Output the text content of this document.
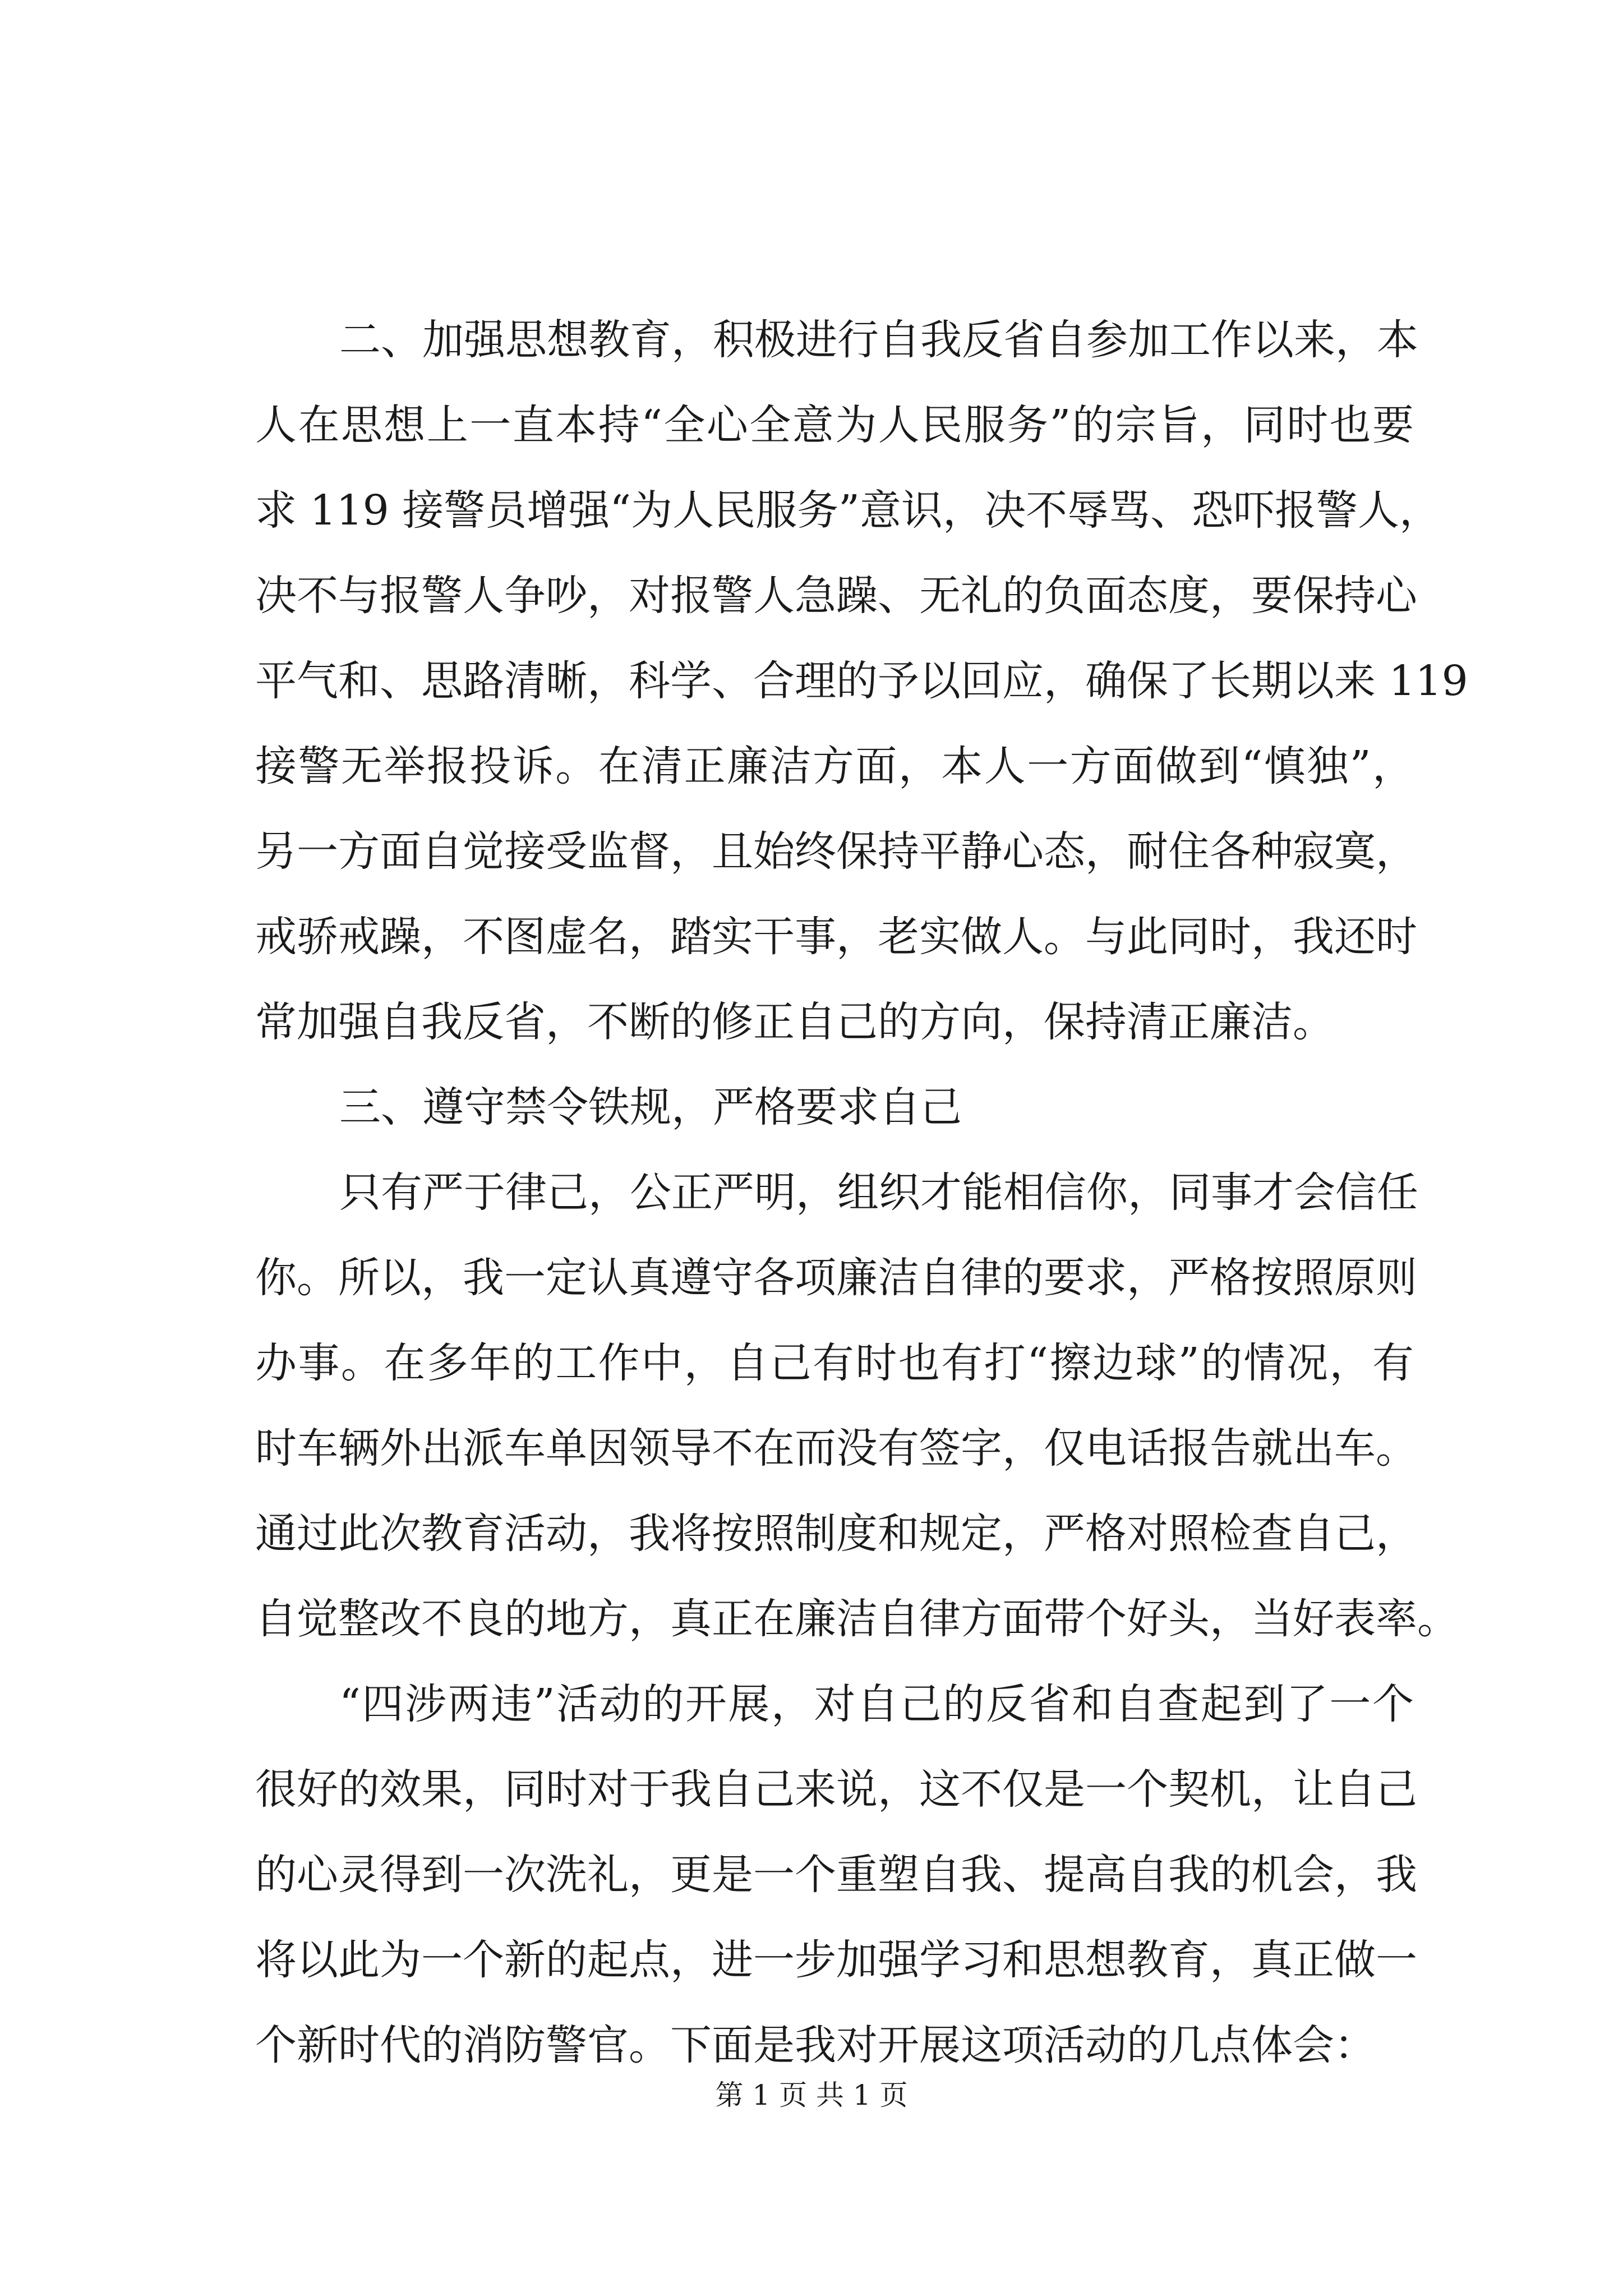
二、加强思想教育，积极进行自我反省自参加工作以来，本
人在思想上一直本持“全心全意为人民服务”的宗旨，同时也要
求 119 接警员增强“为人民服务”意识，决不辱骂、恐吓报警人，
决不与报警人争吵，对报警人急躁、无礼的负面态度，要保持心
平气和、思路清晰，科学、合理的予以回应，确保了长期以来 119
接警无举报投诉。在清正廉洁方面，本人一方面做到“慎独”，
另一方面自觉接受监督，且始终保持平静心态，耐住各种寂寞，
戒骄戒躁，不图虚名，踏实干事，老实做人。与此同时，我还时
常加强自我反省，不断的修正自己的方向，保持清正廉洁。
三、遵守禁令铁规，严格要求自己
只有严于律己，公正严明，组织才能相信你，同事才会信任
你。所以，我一定认真遵守各项廉洁自律的要求，严格按照原则
办事。在多年的工作中，自己有时也有打“擦边球”的情况，有
时车辆外出派车单因领导不在而没有签字，仅电话报告就出车。
通过此次教育活动，我将按照制度和规定，严格对照检查自己，
自觉整改不良的地方，真正在廉洁自律方面带个好头，当好表率。
“四涉两违”活动的开展，对自己的反省和自查起到了一个
很好的效果，同时对于我自己来说，这不仅是一个契机，让自己
的心灵得到一次洗礼，更是一个重塑自我、提高自我的机会，我
将以此为一个新的起点，进一步加强学习和思想教育，真正做一
个新时代的消防警官。下面是我对开展这项活动的几点体会：
第 1 页 共 1 页
